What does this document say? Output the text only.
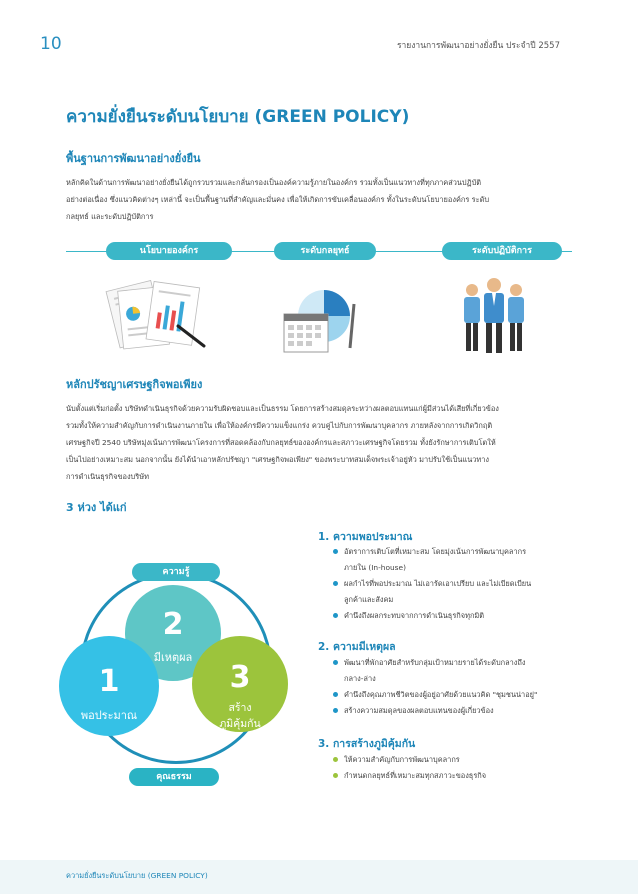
10	รายงานการพัฒนาอย่างยั่งยืน ประจำปี 2557
ความยั่งยืนระดับนโยบาย (GREEN POLICY)
พื้นฐานการพัฒนาอย่างยั่งยืน
หลักคิดในด้านการพัฒนาอย่างยั่งยืนได้ถูกรวบรวมและกลั่นกรองเป็นองค์ความรู้ภายในองค์กร รวมทั้งเป็นแนวทางที่ทุกภาคส่วนปฏิบัติ
อย่างต่อเนื่อง ซึ่งแนวคิดต่างๆ เหล่านี้ จะเป็นพื้นฐานที่สำคัญและมั่นคง เพื่อให้เกิดการขับเคลื่อนองค์กร ทั้งในระดับนโยบายองค์กร ระดับ
กลยุทธ์ และระดับปฏิบัติการ
นโยบายองค์กร	ระดับกลยุทธ์	ระดับปฏิบัติการ
หลักปรัชญาเศรษฐกิจพอเพียง
นับตั้งแต่เริ่มก่อตั้ง บริษัทดำเนินธุรกิจด้วยความรับผิดชอบและเป็นธรรม โดยการสร้างสมดุลระหว่างผลตอบแทนแก่ผู้มีส่วนได้เสียที่เกี่ยวข้อง
รวมทั้งให้ความสำคัญกับการดำเนินงานภายใน เพื่อให้องค์กรมีความแข็งแกร่ง ควบคู่ไปกับการพัฒนาบุคลากร ภายหลังจากการเกิดวิกฤติ
เศรษฐกิจปี 2540 บริษัทมุ่งเน้นการพัฒนาโครงการที่สอดคล้องกับกลยุทธ์ขององค์กรและสภาวะเศรษฐกิจโดยรวม ทั้งยังรักษาการเติบโตให้
เป็นไปอย่างเหมาะสม นอกจากนั้น ยังได้นำเอาหลักปรัชญา "เศรษฐกิจพอเพียง" ของพระบาทสมเด็จพระเจ้าอยู่หัว มาปรับใช้เป็นแนวทาง
การดำเนินธุรกิจของบริษัท
3 ห่วง ได้แก่
ความรู้
คุณธรรม
2
มีเหตุผล
1
พอประมาณ
3
สร้าง
ภูมิคุ้มกัน
1. ความพอประมาณ
อัตราการเติบโตที่เหมาะสม โดยมุ่งเน้นการพัฒนาบุคลากร
ภายใน (In-house)
ผลกำไรที่พอประมาณ ไม่เอารัดเอาเปรียบ และไม่เบียดเบียน
ลูกค้าและสังคม
คำนึงถึงผลกระทบจากการดำเนินธุรกิจทุกมิติ
2. ความมีเหตุผล
พัฒนาที่พักอาศัยสำหรับกลุ่มเป้าหมายรายได้ระดับกลางถึง
กลาง-ล่าง
คำนึงถึงคุณภาพชีวิตของผู้อยู่อาศัยด้วยแนวคิด "ชุมชนน่าอยู่"
สร้างความสมดุลของผลตอบแทนของผู้เกี่ยวข้อง
3. การสร้างภูมิคุ้มกัน
ให้ความสำคัญกับการพัฒนาบุคลากร
กำหนดกลยุทธ์ที่เหมาะสมทุกสภาวะของธุรกิจ
ความยั่งยืนระดับนโยบาย (GREEN POLICY)
